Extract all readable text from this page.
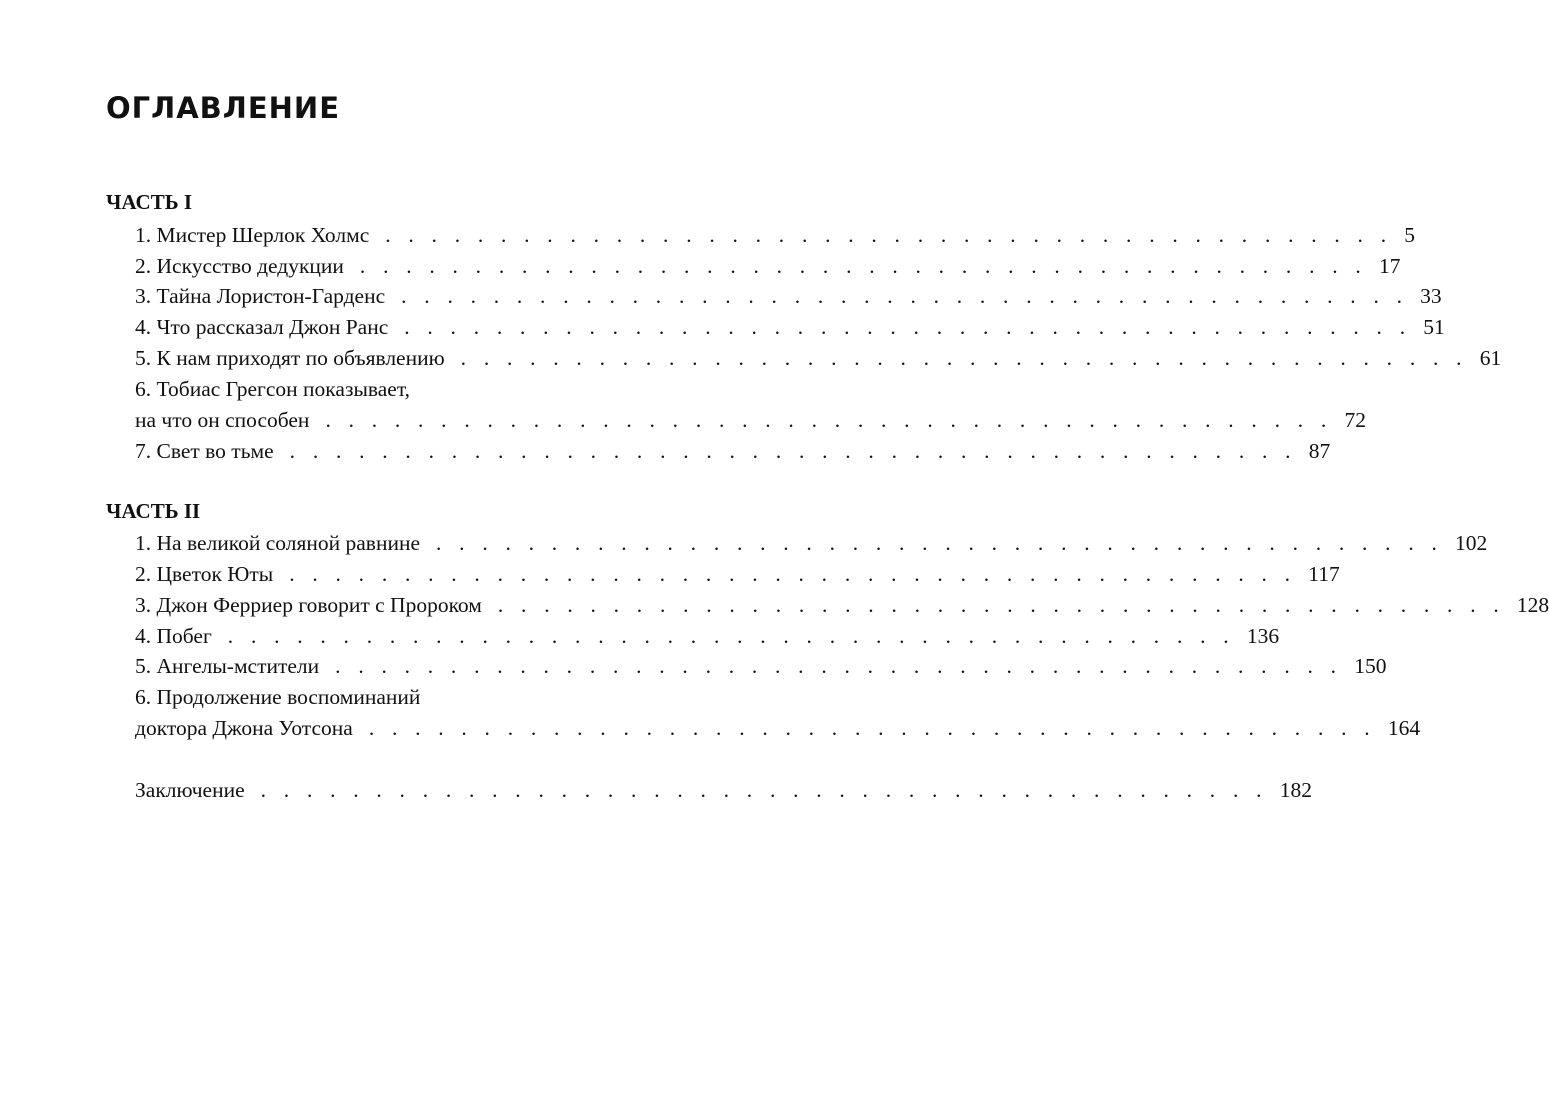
ОГЛАВЛЕНИЕ
ЧАСТЬ I
1. Мистер Шерлок Холмс . . . . . . . . . . . . . . . . . . . . . . . . . . . . . . . . . . . . . . . . . . . . 5
2. Искусство дедукции . . . . . . . . . . . . . . . . . . . . . . . . . . . . . . . . . . . . . . . . . . . . 17
3. Тайна Лористон-Гарденс . . . . . . . . . . . . . . . . . . . . . . . . . . . . . . . . . . . . . . . . . . . . 33
4. Что рассказал Джон Ранс . . . . . . . . . . . . . . . . . . . . . . . . . . . . . . . . . . . . . . . . . . . . 51
5. К нам приходят по объявлению . . . . . . . . . . . . . . . . . . . . . . . . . . . . . . . . . . . . . . . . . . . . 61
6. Тобиас Грегсон показывает,
на что он способен . . . . . . . . . . . . . . . . . . . . . . . . . . . . . . . . . . . . . . . . . . . . 72
7. Свет во тьме . . . . . . . . . . . . . . . . . . . . . . . . . . . . . . . . . . . . . . . . . . . . 87
ЧАСТЬ II
1. На великой соляной равнине . . . . . . . . . . . . . . . . . . . . . . . . . . . . . . . . . . . . . . . . . . . . 102
2. Цветок Юты . . . . . . . . . . . . . . . . . . . . . . . . . . . . . . . . . . . . . . . . . . . . 117
3. Джон Ферриер говорит с Пророком . . . . . . . . . . . . . . . . . . . . . . . . . . . . . . . . . . . . . . . . . . . . 128
4. Побег . . . . . . . . . . . . . . . . . . . . . . . . . . . . . . . . . . . . . . . . . . . . 136
5. Ангелы-мстители . . . . . . . . . . . . . . . . . . . . . . . . . . . . . . . . . . . . . . . . . . . . 150
6. Продолжение воспоминаний
доктора Джона Уотсона . . . . . . . . . . . . . . . . . . . . . . . . . . . . . . . . . . . . . . . . . . . . 164
Заключение . . . . . . . . . . . . . . . . . . . . . . . . . . . . . . . . . . . . . . . . . . . . 182
